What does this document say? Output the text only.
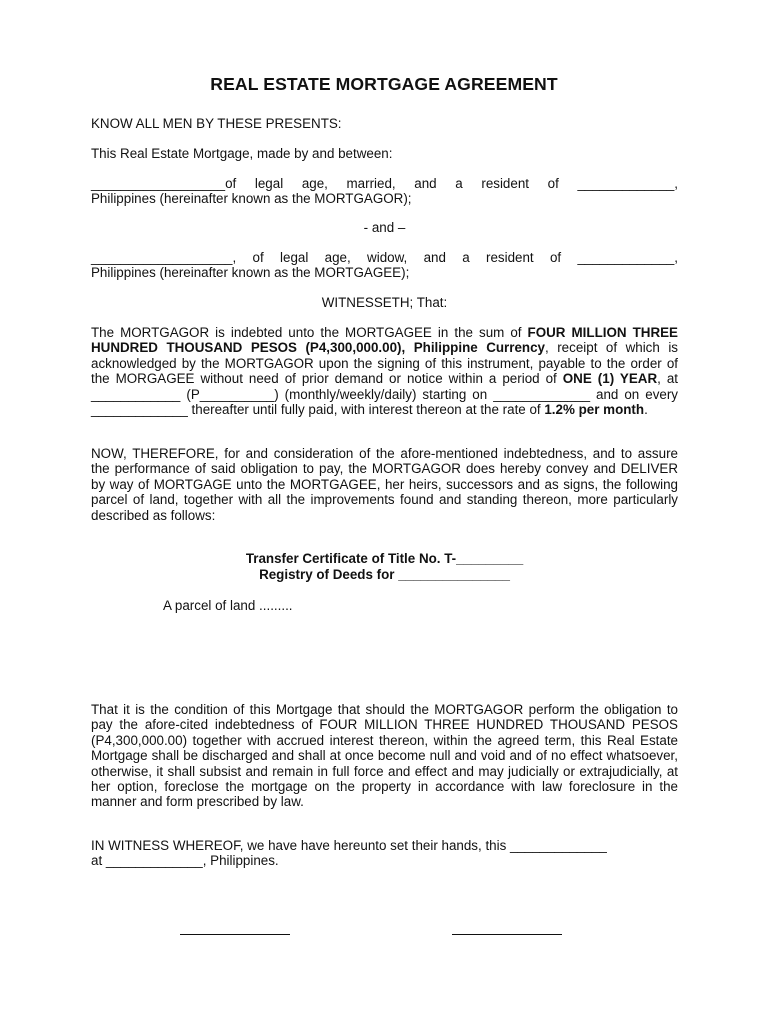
REAL ESTATE MORTGAGE AGREEMENT

KNOW ALL MEN BY THESE PRESENTS:

This Real Estate Mortgage, made by and between:

__________________ of legal age, married, and a resident of _____________,
Philippines (hereinafter known as the MORTGAGOR);

- and –

___________________ , of legal age, widow, and a resident of _____________,
Philippines (hereinafter known as the MORTGAGEE);

WITNESSETH; That:

The MORTGAGOR is indebted unto the MORTGAGEE in the sum of FOUR MILLION THREE HUNDRED THOUSAND PESOS (P4,300,000.00), Philippine Currency, receipt of which is acknowledged by the MORTGAGOR upon the signing of this instrument, payable to the order of the MORGAGEE without need of prior demand or notice within a period of ONE (1) YEAR, at ____________ (P__________) (monthly/weekly/daily) starting on _____________ and on every _____________ thereafter until fully paid, with interest thereon at the rate of 1.2% per month.

NOW, THEREFORE, for and consideration of the afore-mentioned indebtedness, and to assure the performance of said obligation to pay, the MORTGAGOR does hereby convey and DELIVER by way of MORTGAGE unto the MORTGAGEE, her heirs, successors and as signs, the following parcel of land, together with all the improvements found and standing thereon, more particularly described as follows:

Transfer Certificate of Title No. T-_________

Registry of Deeds for _______________

A parcel of land .........

That it is the condition of this Mortgage that should the MORTGAGOR perform the obligation to pay the afore-cited indebtedness of FOUR MILLION THREE HUNDRED THOUSAND PESOS (P4,300,000.00) together with accrued interest thereon, within the agreed term, this Real Estate Mortgage shall be discharged and shall at once become null and void and of no effect whatsoever, otherwise, it shall subsist and remain in full force and effect and may judicially or extrajudicially, at her option, foreclose the mortgage on the property in accordance with law foreclosure in the manner and form prescribed by law.

IN WITNESS WHEREOF, we have have hereunto set their hands, this _____________
at _____________, Philippines.
